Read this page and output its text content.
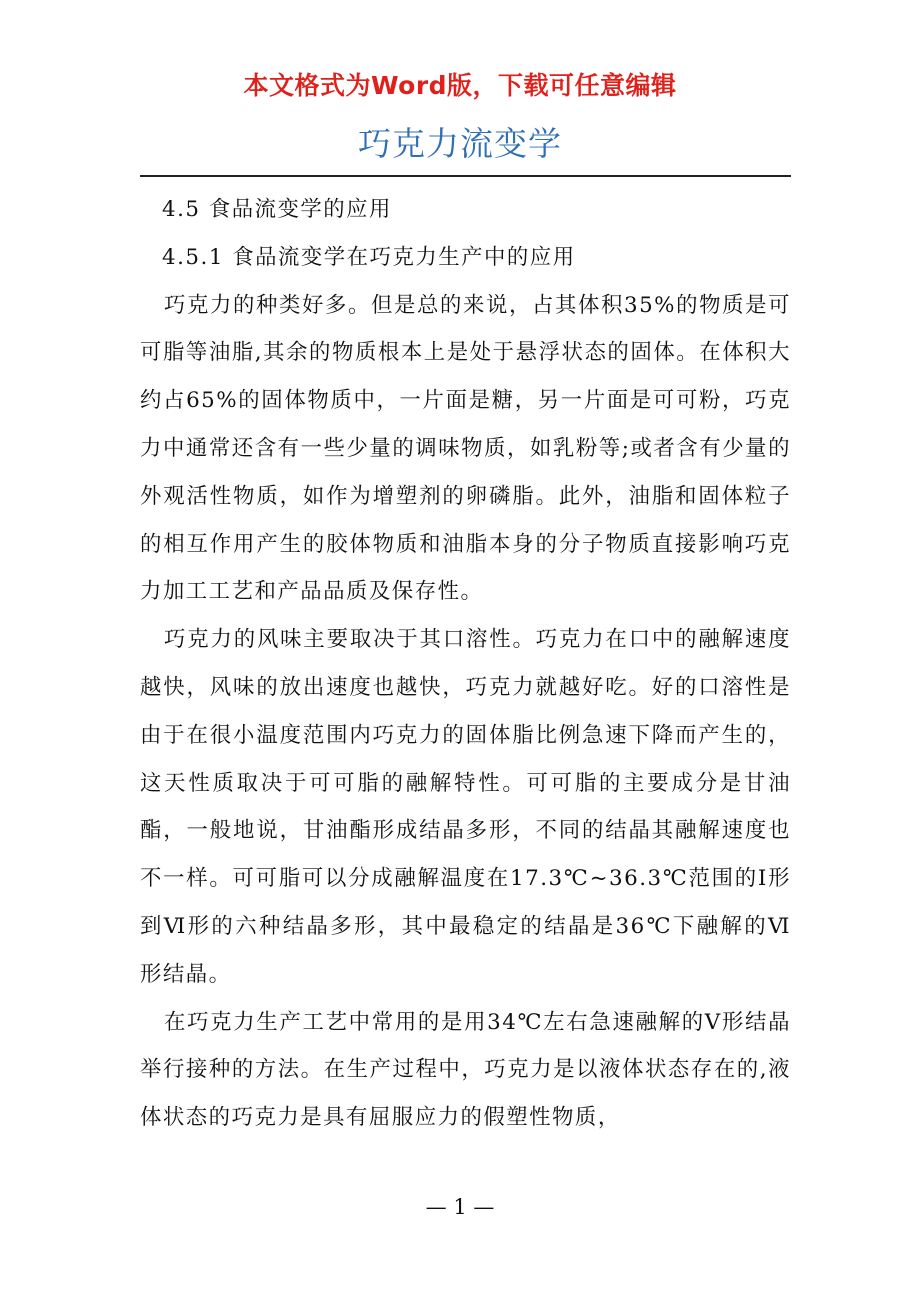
本文格式为Word版，下载可任意编辑
巧克力流变学

4.5 食品流变学的应用

4.5.1 食品流变学在巧克力生产中的应用

巧克力的种类好多。但是总的来说，占其体积35%的物质是可可脂等油脂,其余的物质根本上是处于悬浮状态的固体。在体积大约占65%的固体物质中，一片面是糖，另一片面是可可粉，巧克力中通常还含有一些少量的调味物质，如乳粉等;或者含有少量的外观活性物质，如作为增塑剂的卵磷脂。此外，油脂和固体粒子的相互作用产生的胶体物质和油脂本身的分子物质直接影响巧克力加工工艺和产品品质及保存性。

巧克力的风味主要取决于其口溶性。巧克力在口中的融解速度越快，风味的放出速度也越快，巧克力就越好吃。好的口溶性是由于在很小温度范围内巧克力的固体脂比例急速下降而产生的，这天性质取决于可可脂的融解特性。可可脂的主要成分是甘油酯，一般地说，甘油酯形成结晶多形，不同的结晶其融解速度也不一样。可可脂可以分成融解温度在17.3℃~36.3℃范围的Ⅰ形到Ⅵ形的六种结晶多形，其中最稳定的结晶是36℃下融解的Ⅵ形结晶。

在巧克力生产工艺中常用的是用34℃左右急速融解的V形结晶举行接种的方法。在生产过程中，巧克力是以液体状态存在的,液体状态的巧克力是具有屈服应力的假塑性物质，

— 1 —
